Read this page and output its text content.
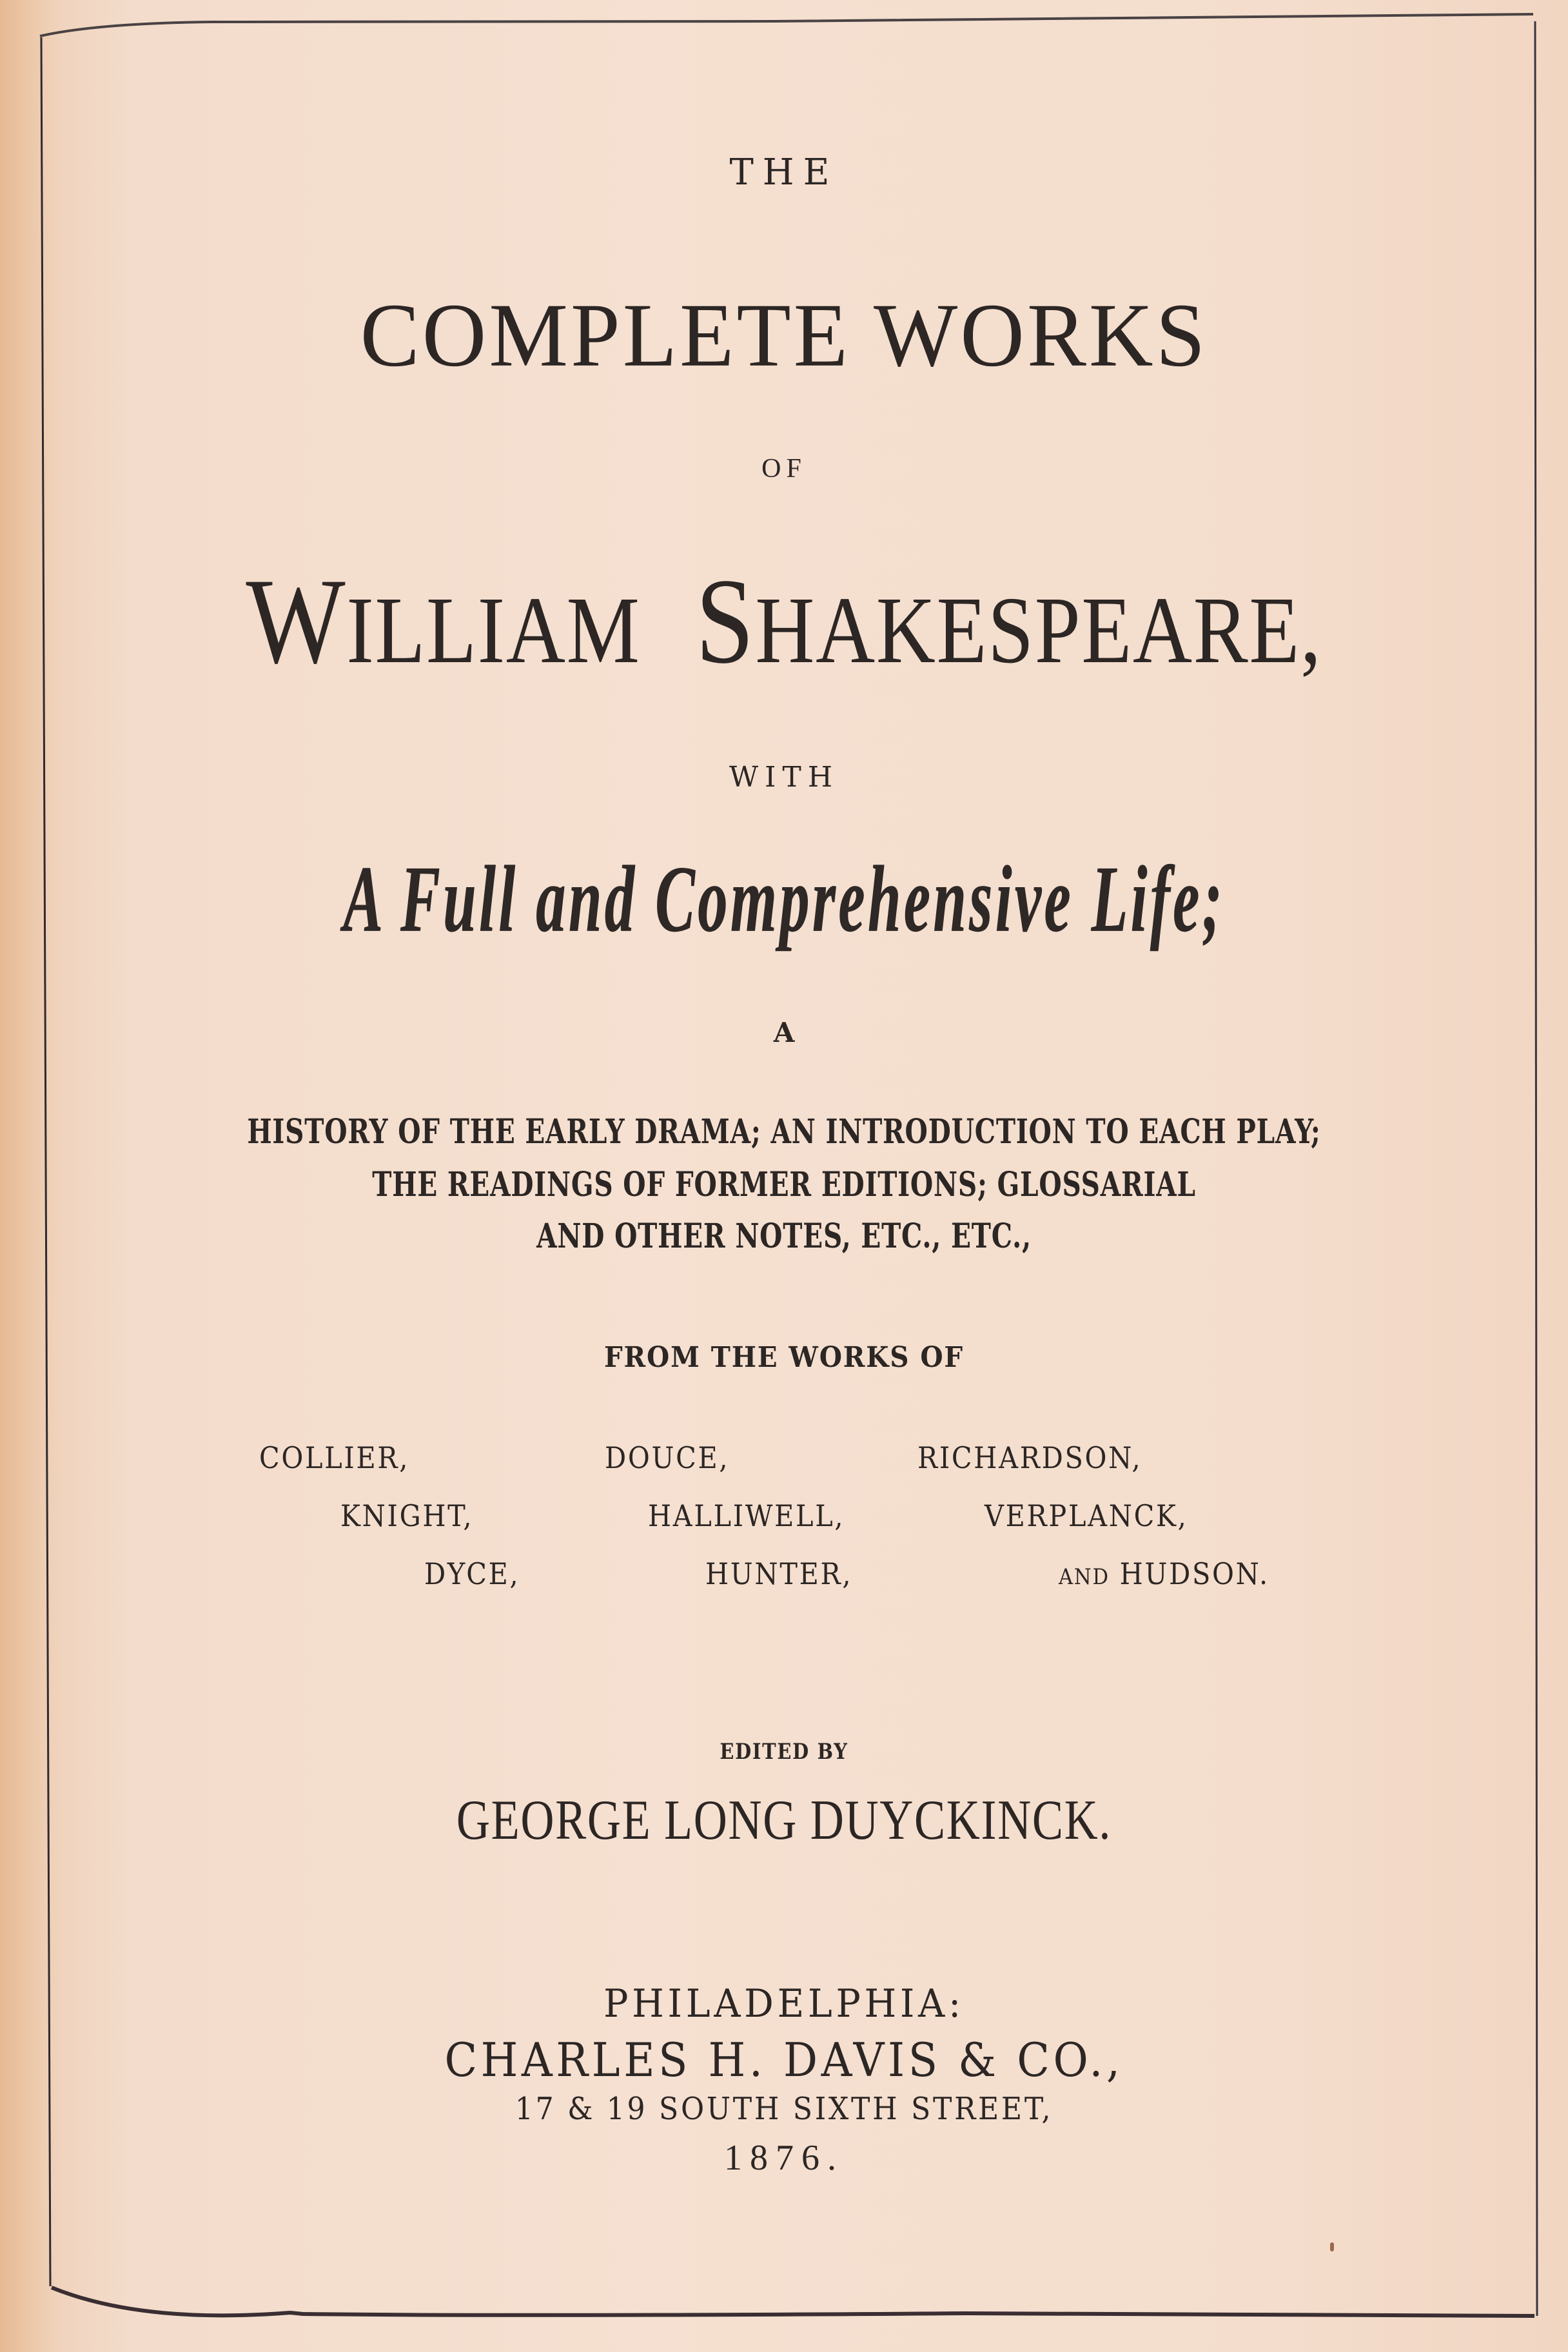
THE
COMPLETE WORKS
OF
WILLIAM SHAKESPEARE,
WITH
A Full and Comprehensive Life;
A
HISTORY OF THE EARLY DRAMA; AN INTRODUCTION TO EACH PLAY;
THE READINGS OF FORMER EDITIONS; GLOSSARIAL
AND OTHER NOTES, ETC., ETC.,
FROM THE WORKS OF
COLLIER,	DOUCE,	RICHARDSON,
KNIGHT,	HALLIWELL,	VERPLANCK,
DYCE,	HUNTER,	AND HUDSON.
EDITED BY
GEORGE LONG DUYCKINCK.
PHILADELPHIA:
CHARLES H. DAVIS & CO.,
17 & 19 SOUTH SIXTH STREET,
1876.
